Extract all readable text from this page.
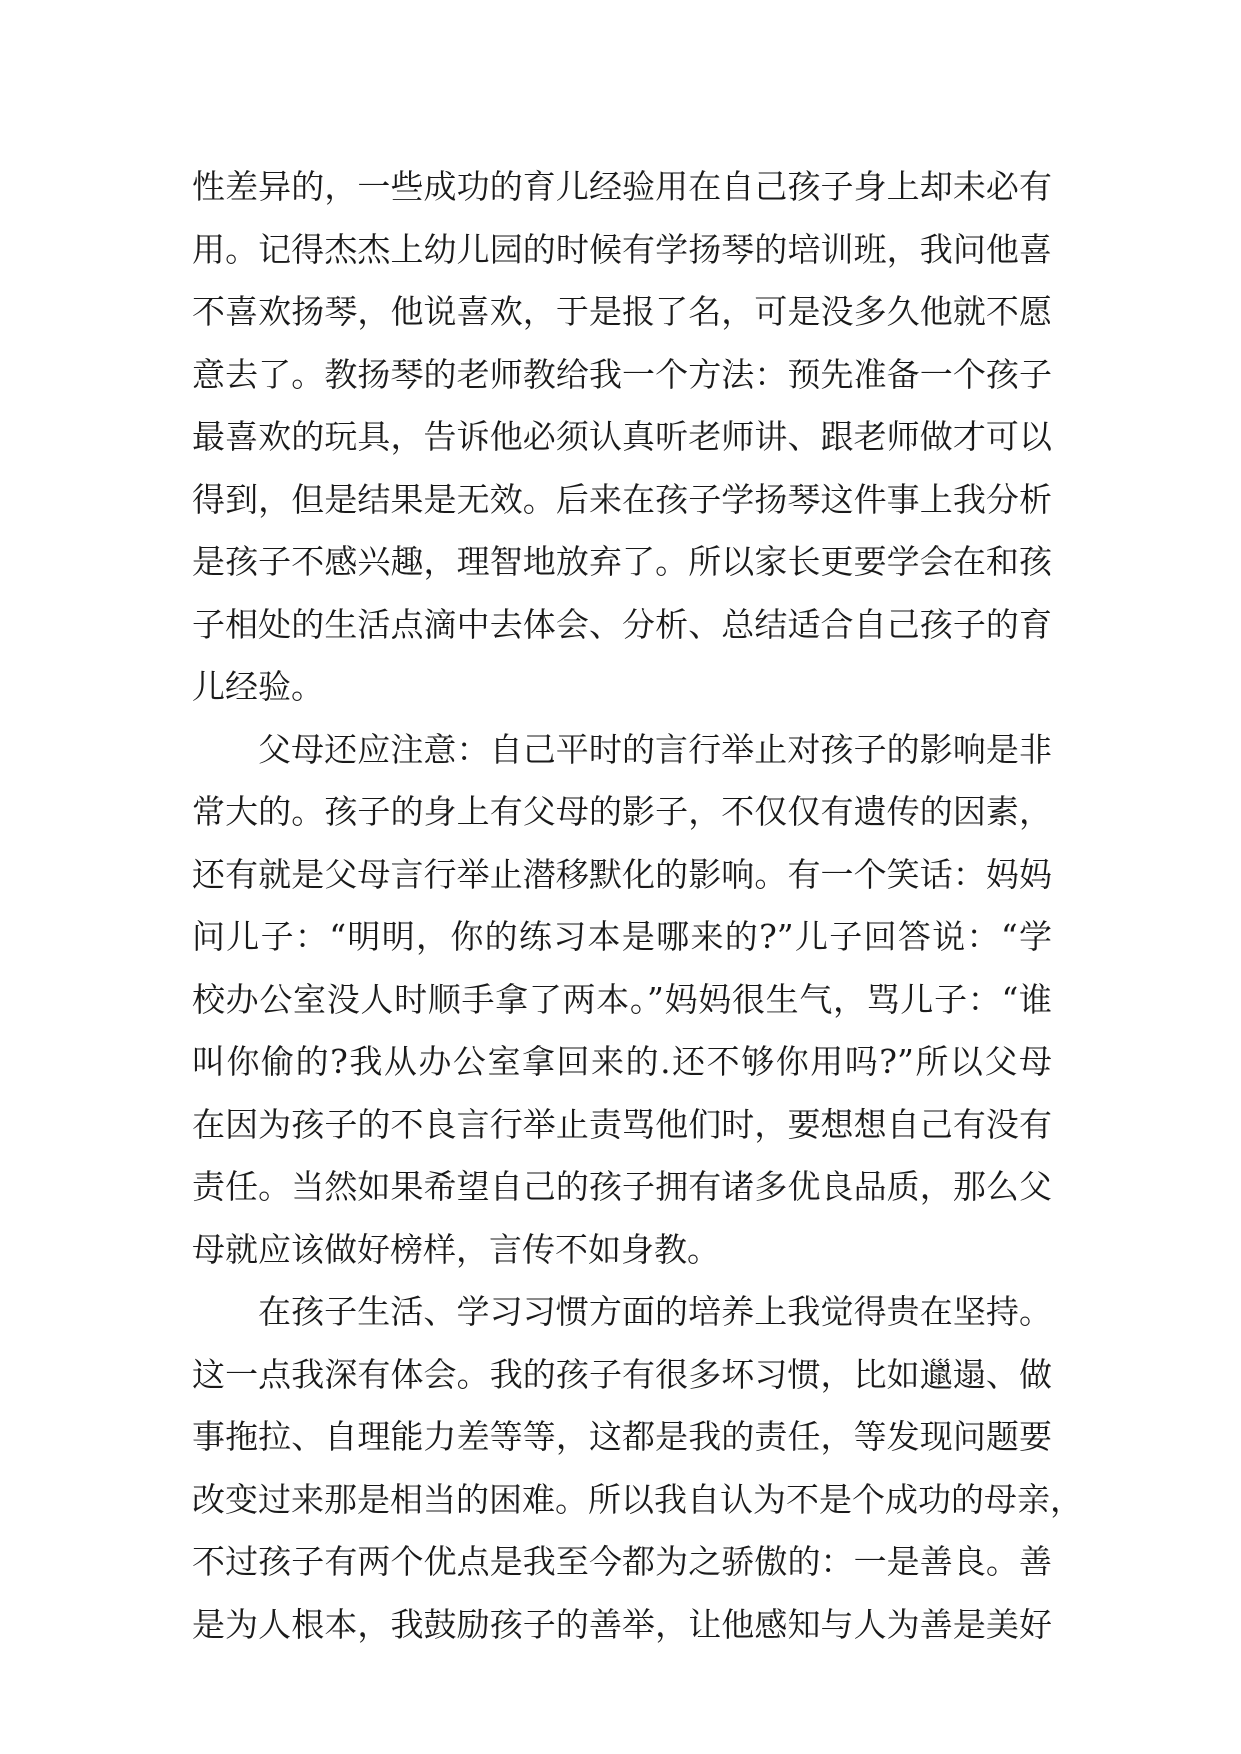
性差异的，一些成功的育儿经验用在自己孩子身上却未必有
用。记得杰杰上幼儿园的时候有学扬琴的培训班，我问他喜
不喜欢扬琴，他说喜欢，于是报了名，可是没多久他就不愿
意去了。教扬琴的老师教给我一个方法：预先准备一个孩子
最喜欢的玩具，告诉他必须认真听老师讲、跟老师做才可以
得到，但是结果是无效。后来在孩子学扬琴这件事上我分析
是孩子不感兴趣，理智地放弃了。所以家长更要学会在和孩
子相处的生活点滴中去体会、分析、总结适合自己孩子的育
儿经验。
父母还应注意：自己平时的言行举止对孩子的影响是非
常大的。孩子的身上有父母的影子，不仅仅有遗传的因素，
还有就是父母言行举止潜移默化的影响。有一个笑话：妈妈
问儿子：“明明，你的练习本是哪来的?”儿子回答说：“学
校办公室没人时顺手拿了两本。”妈妈很生气，骂儿子：“谁
叫你偷的?我从办公室拿回来的.还不够你用吗?”所以父母
在因为孩子的不良言行举止责骂他们时，要想想自己有没有
责任。当然如果希望自己的孩子拥有诸多优良品质，那么父
母就应该做好榜样，言传不如身教。
在孩子生活、学习习惯方面的培养上我觉得贵在坚持。
这一点我深有体会。我的孩子有很多坏习惯，比如邋遢、做
事拖拉、自理能力差等等，这都是我的责任，等发现问题要
改变过来那是相当的困难。所以我自认为不是个成功的母亲，
不过孩子有两个优点是我至今都为之骄傲的：一是善良。善
是为人根本，我鼓励孩子的善举，让他感知与人为善是美好
